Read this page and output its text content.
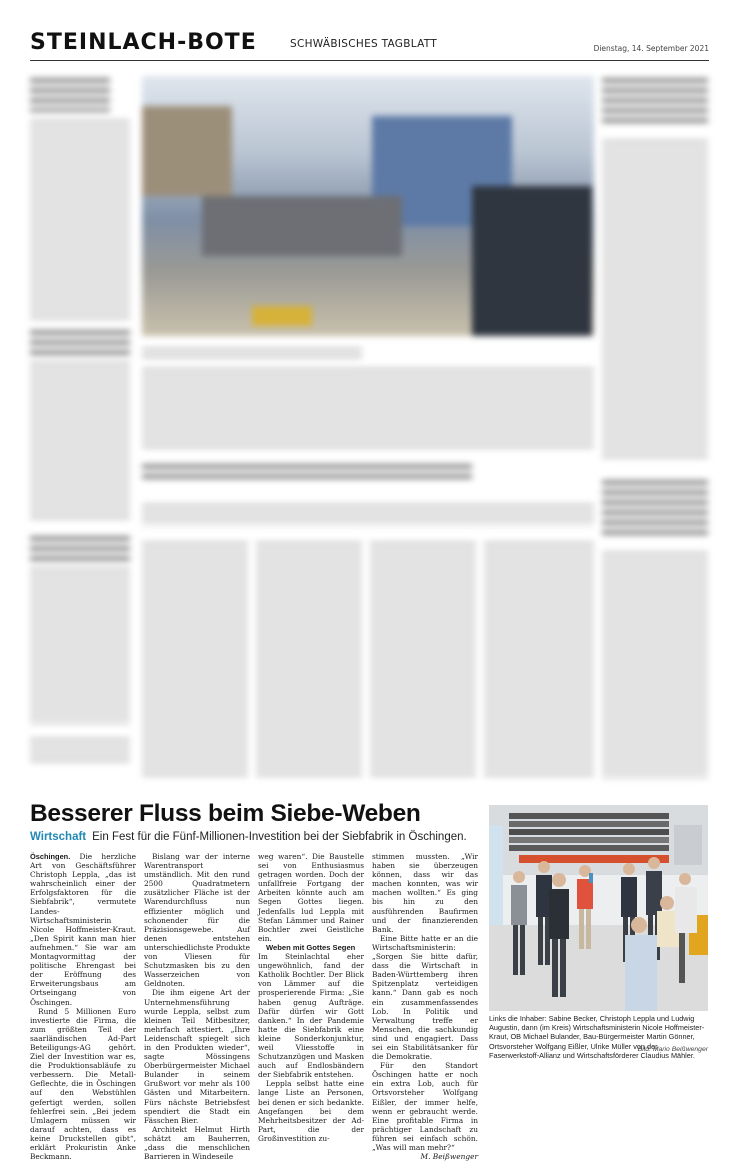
STEINLACH-BOTE	SCHWÄBISCHES TAGBLATT	Dienstag, 14. September 2021
Besserer Fluss beim Siebe-Weben
Wirtschaft Ein Fest für die Fünf-Millionen-Investition bei der Siebfabrik in Öschingen.

Öschingen. Die herzliche Art von Geschäftsführer Christoph Leppla, „das ist wahrscheinlich einer der Erfolgsfaktoren für die Siebfabrik“, vermutete Landes-Wirtschaftsministerin Nicole Hoffmeister-Kraut. „Den Spirit kann man hier aufnehmen.“ Sie war am Montagvormittag der politische Ehrengast bei der Eröffnung des Erweiterungsbaus am Ortseingang von Öschingen.

Rund 5 Millionen Euro investierte die Firma, die zum größten Teil der saarländischen Ad-Part Beteiligungs-AG gehört. Ziel der Investition war es, die Produktionsabläufe zu verbessern. Die Metall-Geflechte, die in Öschingen auf den Webstühlen gefertigt werden, sollen fehlerfrei sein. „Bei jedem Umlagern müssen wir darauf achten, dass es keine Druckstellen gibt“, erklärt Prokuristin Anke Beckmann.

Bislang war der interne Warentransport umständlich. Mit den rund 2500 Quadratmetern zusätzlicher Fläche ist der Warendurchfluss nun effizienter möglich und schonender für die Präzisionsgewebe. Auf denen entstehen unterschiedlichste Produkte von Vliesen für Schutzmasken bis zu den Wasserzeichen von Geldnoten.

Die ihm eigene Art der Unternehmensführung wurde Leppla, selbst zum kleinen Teil Mitbesitzer, mehrfach attestiert. „Ihre Leidenschaft spiegelt sich in den Produkten wieder“, sagte Mössingens Oberbürgermeister Michael Bulander in seinem Grußwort vor mehr als 100 Gästen und Mitarbeitern. Fürs nächste Betriebsfest spendiert die Stadt ein Fässchen Bier.

Architekt Helmut Hirth schätzt am Bauherren, „dass die menschlichen Barrieren in Windeseile

weg waren“. Die Baustelle sei von Enthusiasmus getragen worden. Doch der unfallfreie Fortgang der Arbeiten könnte auch am Segen Gottes liegen. Jedenfalls lud Leppla mit Stefan Lämmer und Rainer Bochtler zwei Geistliche ein.

Weben mit Gottes Segen

Im Steinlachtal eher ungewöhnlich, fand der Katholik Bochtler. Der Blick von Lämmer auf die prosperierende Firma: „Sie haben genug Aufträge. Dafür dürfen wir Gott danken.“ In der Pandemie hatte die Siebfabrik eine kleine Sonderkonjunktur, weil Vliesstoffe in Schutzanzügen und Masken auch auf Endlosbändern der Siebfabrik entstehen.

Leppla selbst hatte eine lange Liste an Personen, bei denen er sich bedankte. Angefangen bei dem Mehrheitsbesitzer der Ad-Part, die der Großinvestition zu-

stimmen mussten. „Wir haben sie überzeugen können, dass wir das machen konnten, was wir machen wollten.“ Es ging bis hin zu den ausführenden Baufirmen und der finanzierenden Bank.

Eine Bitte hatte er an die Wirtschaftsministerin: „Sorgen Sie bitte dafür, dass die Wirtschaft in Baden-Württemberg ihren Spitzenplatz verteidigen kann.“ Dann gab es noch ein zusammenfassendes Lob. In Politik und Verwaltung treffe er Menschen, die sachkundig sind und engagiert. Dass sei ein Stabilitätsanker für die Demokratie.

Für den Standort Öschingen hatte er noch ein extra Lob, auch für Ortsvorsteher Wolfgang Eißler, der immer helfe, wenn er gebraucht werde. Eine profitable Firma in prächtiger Landschaft zu führen sei einfach schön. „Was will man mehr?“

M. Beißwenger
Links die Inhaber: Sabine Becker, Christoph Leppla und Ludwig Augustin, dann (im Kreis) Wirtschaftsministerin Nicole Hoffmeister-Kraut, OB Michael Bulander, Bau-Bürgermeister Martin Gönner, Ortsvorsteher Wolfgang Eißler, Ulrike Müller von der Faserwerkstoff-Allianz und Wirtschaftsförderer Claudius Mähler.
Bild: Mario Beißwenger
